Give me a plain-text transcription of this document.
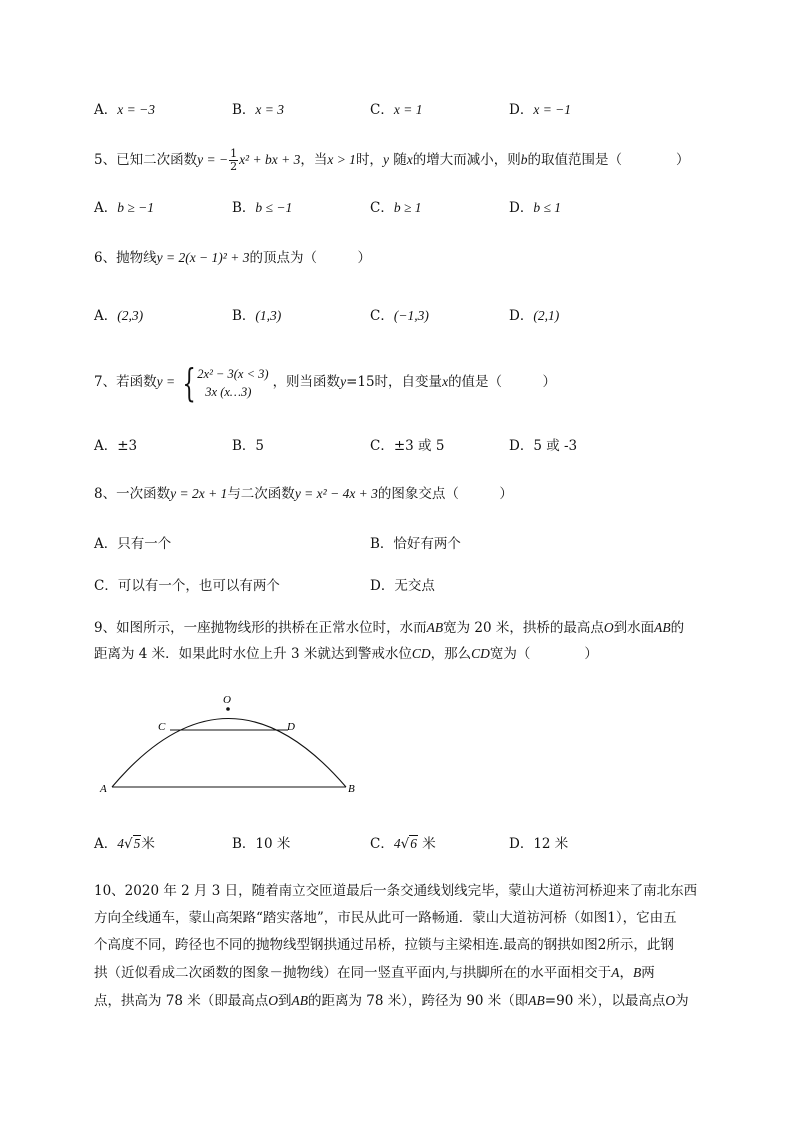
A．x = −3	B．x = 3	C．x = 1	D．x = −1
5、已知二次函数y = − $\frac{1}{2} x^2$ + bx + 3，当x > 1时，y 随x的增大而减小，则b的取值范围是（　　　　）
A．b ≥ −1	B．b ≤ −1	C．b ≥ 1	D．b ≤ 1
6、抛物线y = 2(x − 1)² + 3的顶点为（　　　）
A．(2,3)	B．(1,3)	C．(−1,3)	D．(2,1)
7、若函数y = { 2x² − 3(x < 3)
3x (x…3)
，则当函数y=15时，自变量x的值是（　　　）
A．±3	B．5	C．±3 或 5	D．5 或 -3
8、一次函数y = 2x + 1与二次函数y = x² − 4x + 3的图象交点（　　　）
A．只有一个	B．恰好有两个
C．可以有一个，也可以有两个	D．无交点
9、如图所示，一座抛物线形的拱桥在正常水位时，水而AB宽为 20 米，拱桥的最高点O到水面AB的
距离为 4 米．如果此时水位上升 3 米就达到警戒水位CD，那么CD宽为（　　　　）
O
C	D
A	B
A．4√5米	B．10 米	C．4√6 米	D．12 米
10、2020 年 2 月 3 日，随着南立交匝道最后一条交通线划线完毕，蒙山大道祊河桥迎来了南北东西
方向全线通车，蒙山高架路“踏实落地”，市民从此可一路畅通．蒙山大道祊河桥（如图1），它由五
个高度不同，跨径也不同的抛物线型钢拱通过吊桥，拉锁与主梁相连.最高的钢拱如图2所示，此钢
拱（近似看成二次函数的图象－抛物线）在同一竖直平面内,与拱脚所在的水平面相交于A，B两
点，拱高为 78 米（即最高点O到AB的距离为 78 米），跨径为 90 米（即AB=90 米），以最高点O为
